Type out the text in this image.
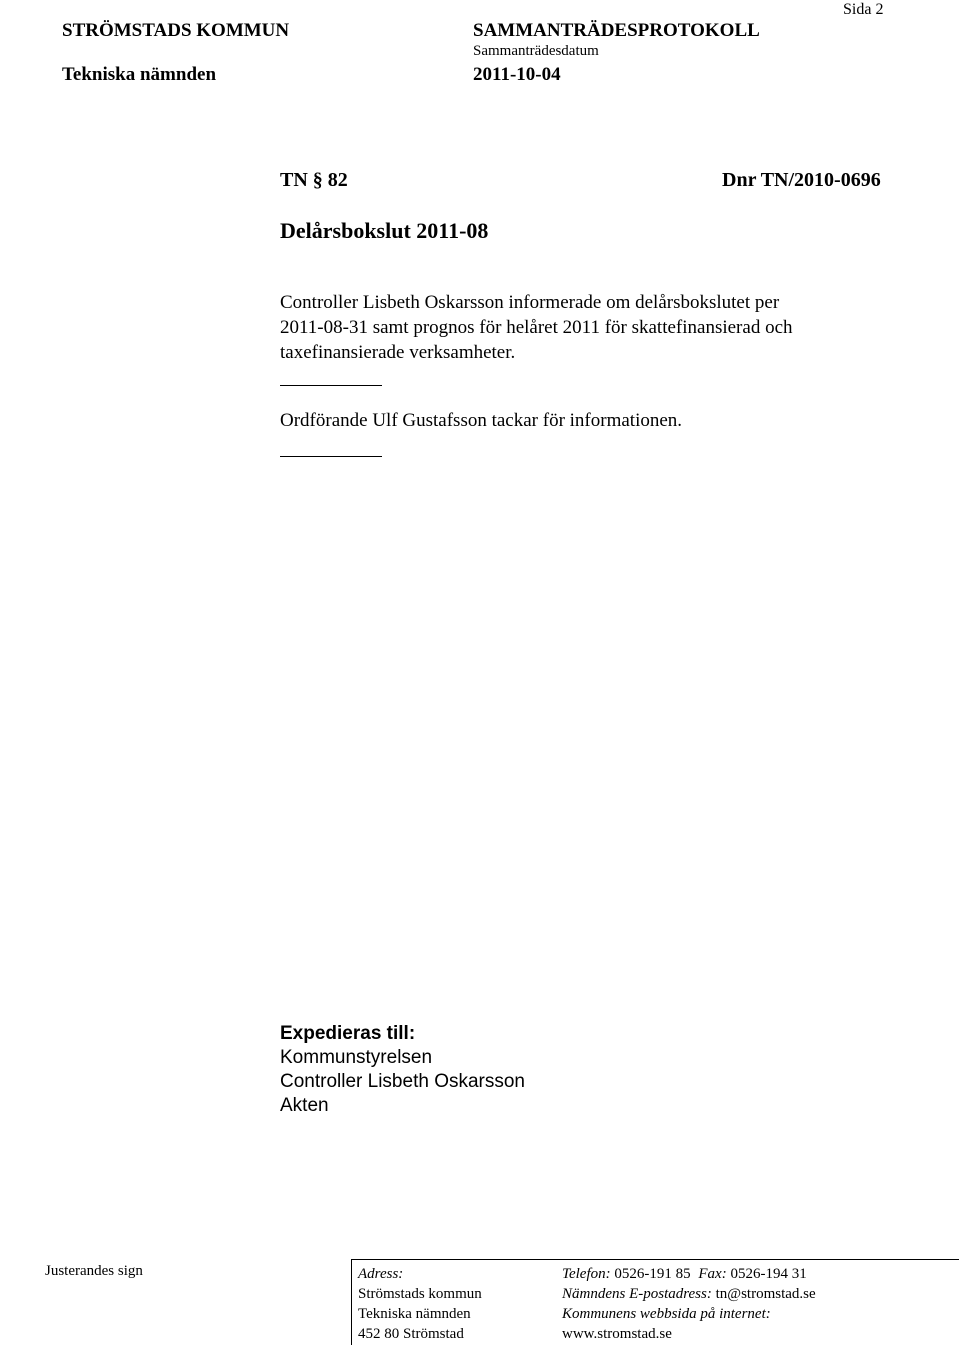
STRÖMSTADS KOMMUN
Tekniska nämnden
SAMMANTRÄDESPROTOKOLL
Sammanträdesdatum
2011-10-04
Sida 2
TN § 82	Dnr TN/2010-0696
Delårsbokslut 2011-08
Controller Lisbeth Oskarsson informerade om delårsbokslutet per
2011-08-31 samt prognos för helåret 2011 för skattefinansierad och
taxefinansierade verksamheter.
Ordförande Ulf Gustafsson tackar för informationen.
Expedieras till:
Kommunstyrelsen
Controller Lisbeth Oskarsson
Akten
Justerandes sign	Adress:
Strömstads kommun
Tekniska nämnden
452 80 Strömstad
Telefon: 0526-191 85 Fax: 0526-194 31
Nämndens E-postadress: tn@stromstad.se
Kommunens webbsida på internet:
www.stromstad.se
